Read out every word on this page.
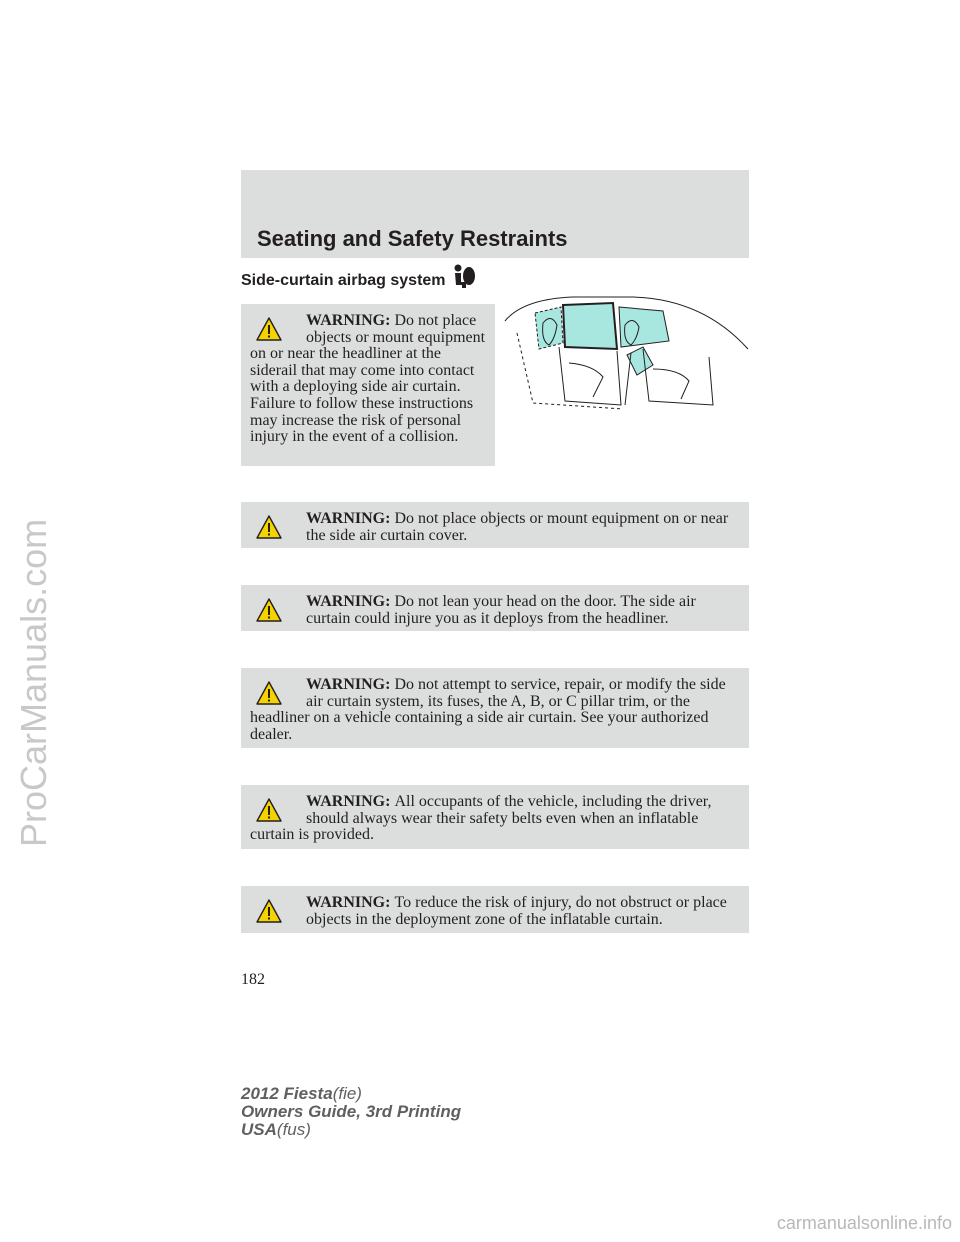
ProCarManuals.com
Seating and Safety Restraints
Side-curtain airbag system
WARNING: Do not place objects or mount equipment on or near the headliner at the siderail that may come into contact with a deploying side air curtain. Failure to follow these instructions may increase the risk of personal injury in the event of a collision.
WARNING: Do not place objects or mount equipment on or near the side air curtain cover.
WARNING: Do not lean your head on the door. The side air curtain could injure you as it deploys from the headliner.
WARNING: Do not attempt to service, repair, or modify the side air curtain system, its fuses, the A, B, or C pillar trim, or the headliner on a vehicle containing a side air curtain. See your authorized dealer.
WARNING: All occupants of the vehicle, including the driver, should always wear their safety belts even when an inflatable curtain is provided.
WARNING: To reduce the risk of injury, do not obstruct or place objects in the deployment zone of the inflatable curtain.
182
2012 Fiesta(fie)
Owners Guide, 3rd Printing
USA(fus)
carmanualsonline.info
